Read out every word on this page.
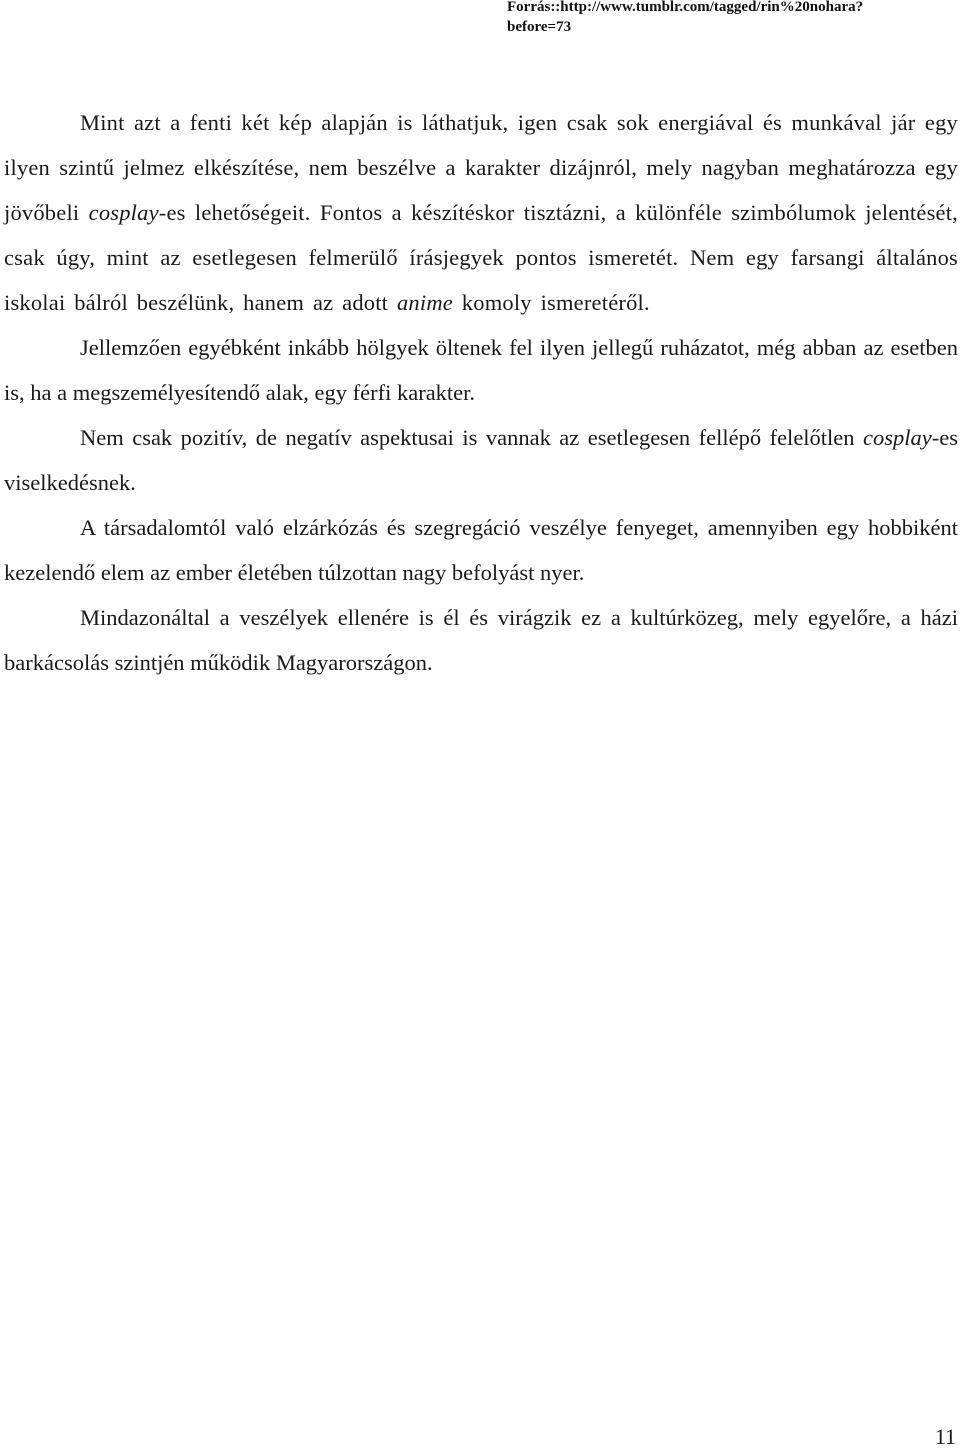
Forrás::http://www.tumblr.com/tagged/rin%20nohara?
before=73

Mint azt a fenti két kép alapján is láthatjuk, igen csak sok energiával és munkával jár egy ilyen szintű jelmez elkészítése, nem beszélve a karakter dizájnról, mely nagyban meghatározza egy jövőbeli cosplay-es lehetőségeit. Fontos a készítéskor tisztázni, a különféle szimbólumok jelentését, csak úgy, mint az esetlegesen felmerülő írásjegyek pontos ismeretét. Nem egy farsangi általános iskolai bálról beszélünk, hanem az adott anime komoly ismeretéről.

Jellemzően egyébként inkább hölgyek öltenek fel ilyen jellegű ruházatot, még abban az esetben is, ha a megszemélyesítendő alak, egy férfi karakter.

Nem csak pozitív, de negatív aspektusai is vannak az esetlegesen fellépő felelőtlen cosplay-es viselkedésnek.

A társadalomtól való elzárkózás és szegregáció veszélye fenyeget, amennyiben egy hobbiként kezelendő elem az ember életében túlzottan nagy befolyást nyer.

Mindazonáltal a veszélyek ellenére is él és virágzik ez a kultúrközeg, mely egyelőre, a házi barkácsolás szintjén működik Magyarországon.

11
